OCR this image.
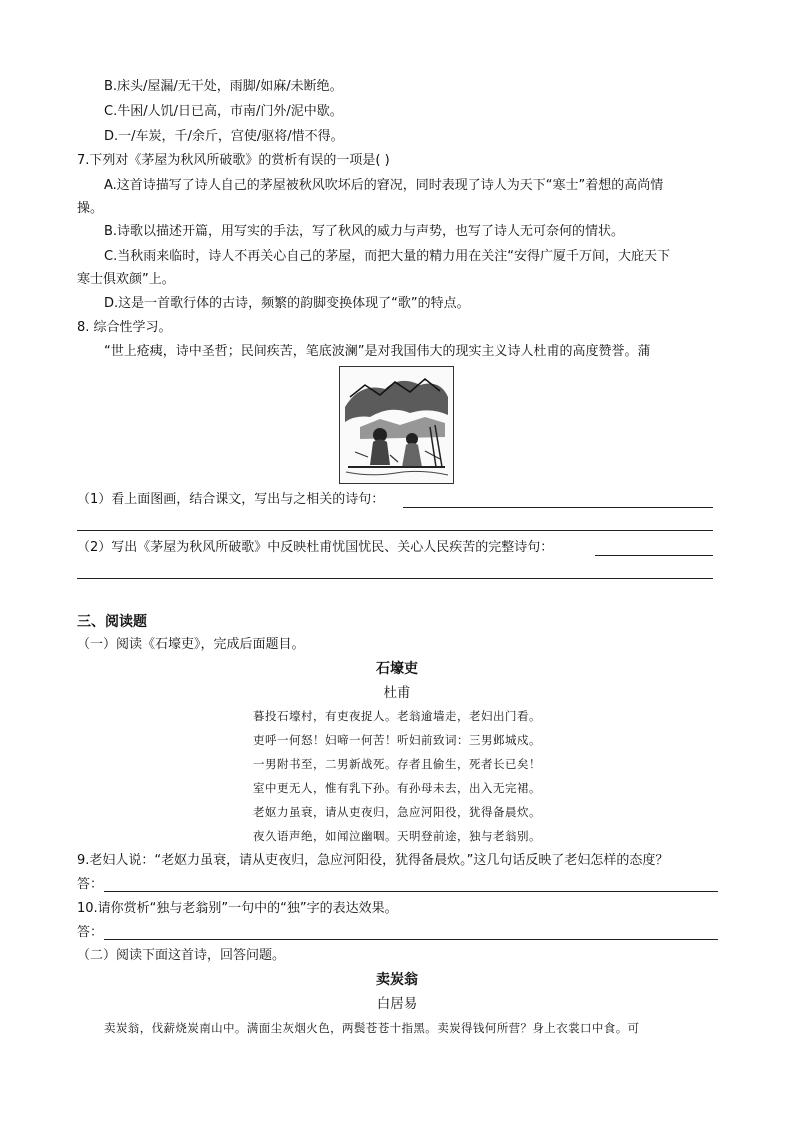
B.床头/屋漏/无干处，雨脚/如麻/未断绝。
C.牛困/人饥/日已高，市南/门外/泥中歇。
D.一/车炭，千/余斤，宫使/驱将/惜不得。
7.下列对《茅屋为秋风所破歌》的赏析有误的一项是( )
A.这首诗描写了诗人自己的茅屋被秋风吹坏后的窘况，同时表现了诗人为天下“寒士”着想的高尚情
操。
B.诗歌以描述开篇，用写实的手法，写了秋风的威力与声势，也写了诗人无可奈何的情状。
C.当秋雨来临时，诗人不再关心自己的茅屋，而把大量的精力用在关注“安得广厦千万间，大庇天下
寒士俱欢颜”上。
D.这是一首歌行体的古诗，频繁的韵脚变换体现了“歌”的特点。
8. 综合性学习。
“世上疮痍，诗中圣哲；民间疾苦，笔底波澜”是对我国伟大的现实主义诗人杜甫的高度赞誉。蒲
（1）看上面图画，结合课文，写出与之相关的诗句：
（2）写出《茅屋为秋风所破歌》中反映杜甫忧国忧民、关心人民疾苦的完整诗句：
三、阅读题
（一）阅读《石壕吏》，完成后面题目。
石壕吏
杜甫
暮投石壕村，有吏夜捉人。老翁逾墙走，老妇出门看。
吏呼一何怒！妇啼一何苦！听妇前致词：三男邺城戍。
一男附书至，二男新战死。存者且偷生，死者长已矣！
室中更无人，惟有乳下孙。有孙母未去，出入无完裙。
老妪力虽衰，请从吏夜归，急应河阳役，犹得备晨炊。
夜久语声绝，如闻泣幽咽。天明登前途，独与老翁别。
9.老妇人说：“老妪力虽衰，请从吏夜归，急应河阳役，犹得备晨炊。”这几句话反映了老妇怎样的态度？
答：
10.请你赏析“独与老翁别”一句中的“独”字的表达效果。
答：
（二）阅读下面这首诗，回答问题。
卖炭翁
白居易
卖炭翁，伐薪烧炭南山中。满面尘灰烟火色，两鬓苍苍十指黑。卖炭得钱何所营？身上衣裳口中食。可
